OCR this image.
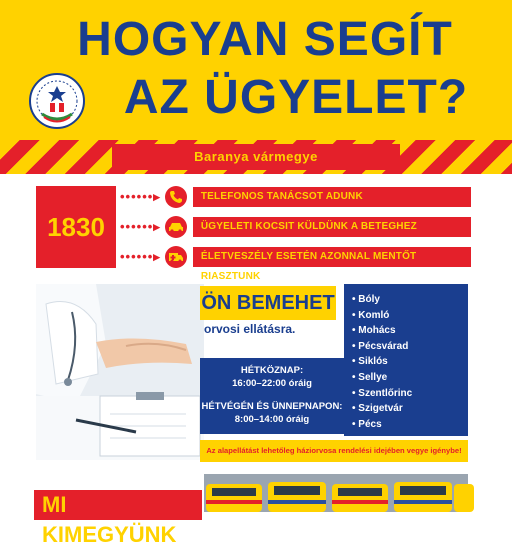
HOGYAN SEGÍT
AZ ÜGYELET?
Baranya vármegye
1830
••••••▸	TELEFONOS TANÁCSOT ADUNK
••••••▸	ÜGYELETI KOCSIT KÜLDÜNK A BETEGHEZ
••••••▸	ÉLETVESZÉLY ESETÉN AZONNAL MENTŐT RIASZTUNK
ÖN BEMEHET
orvosi ellátásra.
HÉTKÖZNAP:
16:00–22:00 óráig
HÉTVÉGÉN ÉS ÜNNEPNAPON:
8:00–14:00 óráig
• Bóly
• Komló
• Mohács
• Pécsvárad
• Siklós
• Sellye
• Szentlőrinc
• Szigetvár
• Pécs
Az alapellátást lehetőleg háziorvosa rendelési idejében vegye igénybe!
MI KIMEGYÜNK
